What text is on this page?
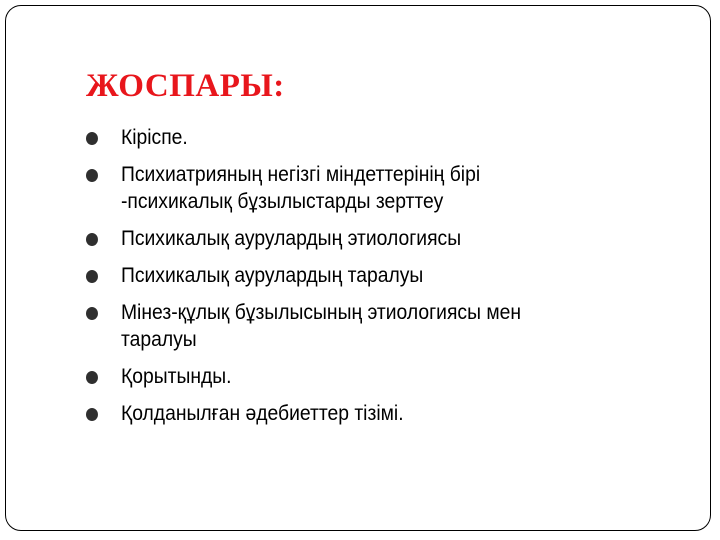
ЖОСПАРЫ:
Кіріспе.
Психиатрияның негізгі міндеттерінің бірі
-психикалық бұзылыстарды зерттеу
Психикалық аурулардың этиологиясы
Психикалық аурулардың таралуы
Мінез-құлық бұзылысының этиологиясы мен
таралуы
Қорытынды.
Қолданылған әдебиеттер тізімі.
